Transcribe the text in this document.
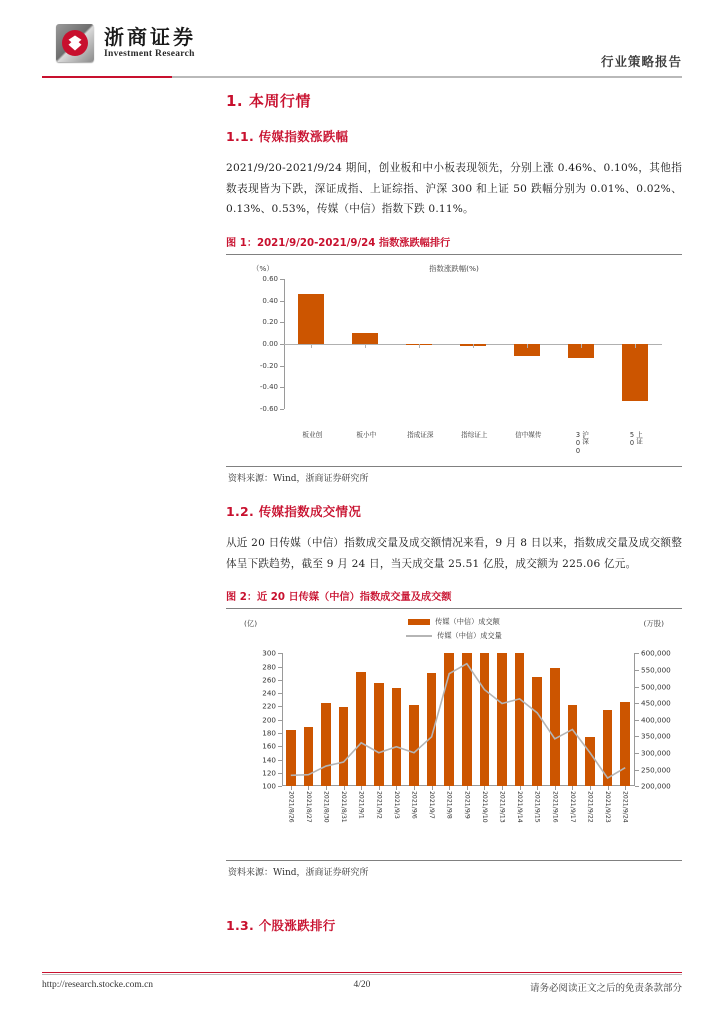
浙商证券
Investment Research
行业策略报告
1. 本周行情
1.1. 传媒指数涨跌幅

2021/9/20-2021/9/24 期间，创业板和中小板表现领先，分别上涨 0.46%、0.10%，其他指数表现皆为下跌，深证成指、上证综指、沪深 300 和上证 50 跌幅分别为 0.01%、0.02%、0.13%、0.53%，传媒（中信）指数下跌 0.11%。

图 1：2021/9/20-2021/9/24 指数涨跌幅排行
（%）	指数涨跌幅(%)
0.60
0.40
0.20
0.00
-0.20
-0.40
-0.60
创业板	中小板	深证成指	上证综指	传媒中信	沪深300	上证50
资料来源：Wind，浙商证券研究所
1.2. 传媒指数成交情况

从近 20 日传媒（中信）指数成交量及成交额情况来看，9 月 8 日以来，指数成交量及成交额整体呈下跌趋势，截至 9 月 24 日，当天成交量 25.51 亿股，成交额为 225.06 亿元。

图 2：近 20 日传媒（中信）指数成交量及成交额
(亿)	(万股)
传媒（中信）成交额
传媒（中信）成交量
100
120
140
160
180
200
220
240
260
280
300
200,000
250,000
300,000
350,000
400,000
450,000
500,000
550,000
600,000
2021/8/26 2021/8/27 2021/8/30 2021/8/31 2021/9/1 2021/9/2 2021/9/3 2021/9/6 2021/9/7 2021/9/8 2021/9/9 2021/9/10 2021/9/13 2021/9/14 2021/9/15 2021/9/16 2021/9/17 2021/9/22 2021/9/23 2021/9/24
资料来源：Wind，浙商证券研究所
1.3. 个股涨跌排行
http://research.stocke.com.cn	4/20	请务必阅读正文之后的免责条款部分
